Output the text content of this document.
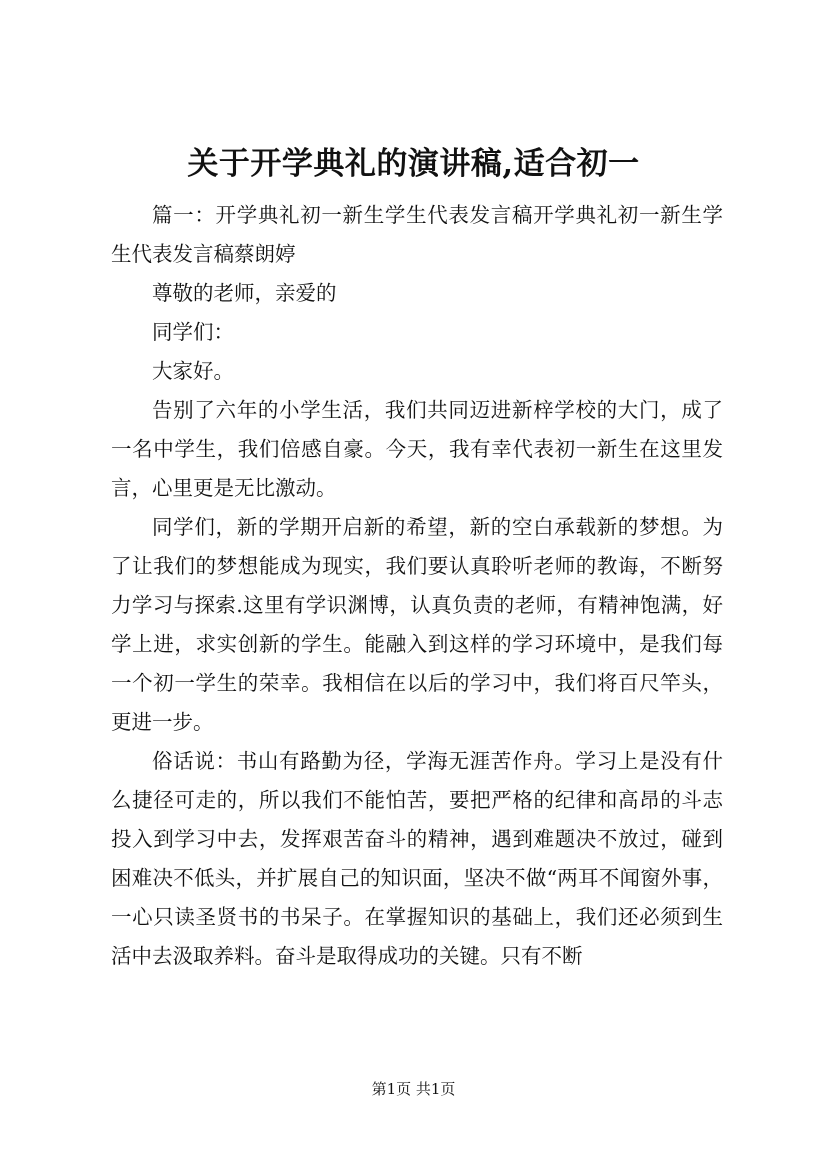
关于开学典礼的演讲稿,适合初一

篇一：开学典礼初一新生学生代表发言稿开学典礼初一新生学生代表发言稿蔡朗婷

尊敬的老师，亲爱的

同学们：

大家好。

告别了六年的小学生活，我们共同迈进新梓学校的大门，成了一名中学生，我们倍感自豪。今天，我有幸代表初一新生在这里发言，心里更是无比激动。

同学们，新的学期开启新的希望，新的空白承载新的梦想。为了让我们的梦想能成为现实，我们要认真聆听老师的教诲，不断努力学习与探索.这里有学识渊博，认真负责的老师，有精神饱满，好学上进，求实创新的学生。能融入到这样的学习环境中，是我们每一个初一学生的荣幸。我相信在以后的学习中，我们将百尺竿头，更进一步。

俗话说：书山有路勤为径，学海无涯苦作舟。学习上是没有什么捷径可走的，所以我们不能怕苦，要把严格的纪律和高昂的斗志投入到学习中去，发挥艰苦奋斗的精神，遇到难题决不放过，碰到困难决不低头，并扩展自己的知识面，坚决不做“两耳不闻窗外事，一心只读圣贤书的书呆子。在掌握知识的基础上，我们还必须到生活中去汲取养料。奋斗是取得成功的关键。只有不断

第1页 共1页
